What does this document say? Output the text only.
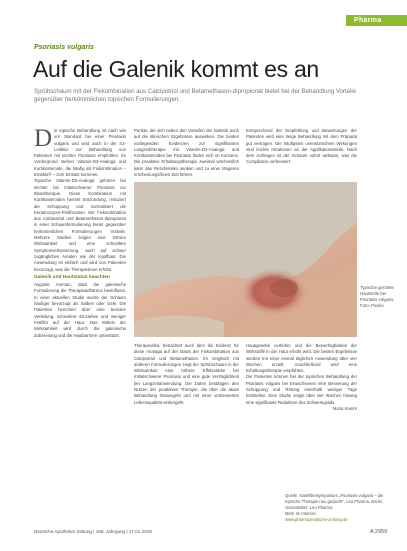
Pharma
Psoriasis vulgaris
Auf die Galenik kommt es an
Sprühschaum mit der Fixkombination aus Calcipotriol und Betamethason-dipropionat bietet bei der Behandlung Vorteile gegenüber herkömmlichen topischen Formulierungen.

Die topische Behandlung ist nach wie vor Standard bei einer Psoriasis vulgaris und wird auch in der S3-Leitlinie zur Behandlung von Patienten mit leichter Psoriasis empfohlen. Im Vordergrund stehen Vitamin-D3-Analoga und Kortikosteroide, die häufig als Fixkombination – Enstilar® – zum Einsatz kommen.

Topische Vitamin-D3-Analoga gehören bei leichter bis mittelschwerer Psoriasis zur Basistherapie. Diese Kombination mit Kortikosteroiden hemmt Entzündung, reduziert die Schuppung und normalisiert die Keratinozyten-Proliferation. Die Fixkombination aus Calcipotriol und Betamethason-dipropionat in einer Schaumformulierung bietet gegenüber herkömmlichen Formulierungen Vorteile. Mehrere Studien zeigen eine höhere Wirksamkeit und eine schnellere Symptomverbesserung, auch auf schwer zugänglichen Arealen wie der Kopfhaut. Die Anwendung ist einfach und wird von Patienten bevorzugt, was die Therapietreue erhöht.

Galenik und Hautstatus beachten

Auguste Amman, dass die galenische Formulierung die Therapieadhärenz beeinflusst. In einer aktuellen Studie wurde der Schaum häufiger bevorzugt als Salben oder Gele. Die Patienten berichten über eine bessere Verteilung, schnellere Einziehen und weniger Fettfilm auf der Haut. Das Mitteln der Wirksamkeit wird durch die galenische Zubereitung und die Hautbarriere unterstützt.

Punkte, die sich neben den Vorteilen der Galenik auch auf die klinischen Ergebnisse auswirken. Die beiden vorliegenden Evidenzen zur signifikanten Langzeittherapie mit Vitamin-D3-Analoga und Kortikosteroiden bei Psoriasis finden sich im Konsens. Die proaktive Erhaltungstherapie zweimal wöchentlich kann das Rezidivrisiko senken und zu einer längeren erscheinungsfreien Zeit führen.

Entsprechend der Empfehlung und Bewertungen der Patienten wird eine lange Behandlung mit dem Präparat gut vertragen. Die häufigsten unerwünschten Wirkungen sind leichte Irritationen an der Applikationsstelle. Nach dem Auftragen ist der Schaum sofort wirksam, was die Compliance verbessert.

Typische gerötete Hautstelle bei Psoriasis vulgaris. Foto: Pixelio

Therapeutika, betrachtet auch dem die Evidenz für diese Analoga auf der Basis der Fixkombination aus Calcipotriol und Betamethason. Im Vergleich mit anderen Formulierungen zeigt der Sprühschaum in der Wirksamkeit eine höhere Effektstärke bei mittelschwerer Psoriasis und eine gute Verträglichkeit bei Langzeitanwendung. Die Daten bestätigen den Nutzen der proaktiven Therapie, die über die akute Behandlung hinausgeht und mit einer verbesserten Lebensqualität einhergeht.

Hautgewebe vertiefen und die Bioverfügbarkeit der Wirkstoffe in der Haut erhöht wird. Die besten Ergebnisse werden mit einer einmal täglichen Anwendung über vier Wochen erzielt. Anschließend wird eine Erhaltungstherapie empfohlen.

Die Patienten können bei der topischen Behandlung der Psoriasis vulgaris bei Erwachsenen eine Besserung der Schuppung und Rötung innerhalb weniger Tage feststellen. Eine Studie zeigte über vier Wochen hinweg eine signifikante Reduktion des Schweregrads.

Maria Kamm

Quelle: Satellitensymposium „Psoriasis vulgaris – die topische Therapie neu gedacht“, Leo Pharma, Berlin, Veranstalter: Leo Pharma
Mehr im Internet:
www.pharmazeutische-zeitung.de
Deutsche Apotheker Zeitung | 158. Jahrgang | 17.01.2019	A 2959
